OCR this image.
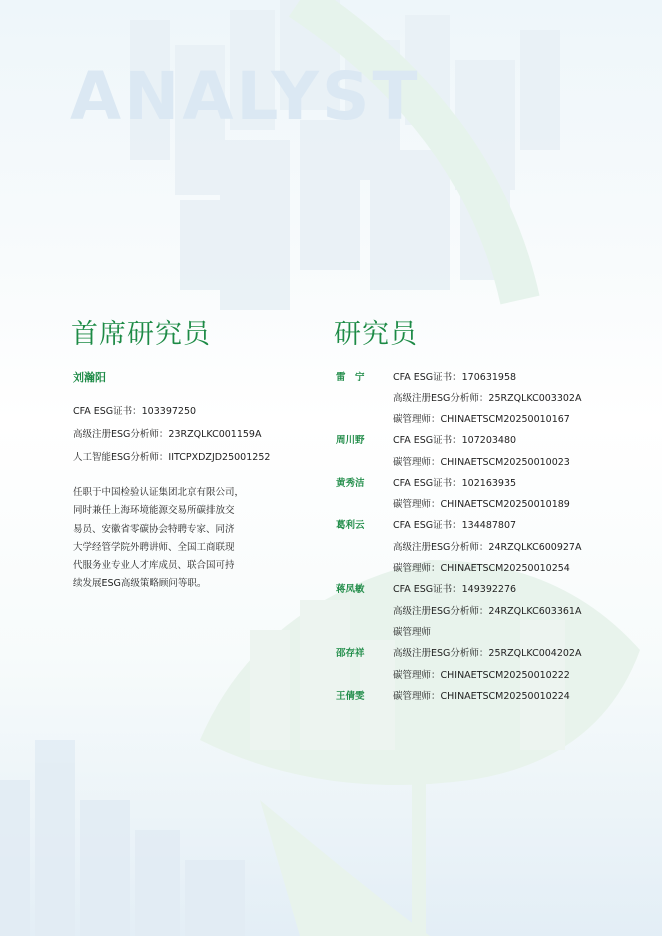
ANALYST
首席研究员
刘瀚阳
CFA ESG证书：103397250
高级注册ESG分析师：23RZQLKC001159A
人工智能ESG分析师：IITCPXDZJD25001252
任职于中国检验认证集团北京有限公司，
同时兼任上海环境能源交易所碳排放交
易员、安徽省零碳协会特聘专家、同济
大学经管学院外聘讲师、全国工商联现
代服务业专业人才库成员、联合国可持
续发展ESG高级策略顾问等职。
研究员
雷　宁	CFA ESG证书：170631958
高级注册ESG分析师：25RZQLKC003302A
碳管理师：CHINAETSCM20250010167
周川野	CFA ESG证书：107203480
碳管理师：CHINAETSCM20250010023
黄秀洁	CFA ESG证书：102163935
碳管理师：CHINAETSCM20250010189
葛利云	CFA ESG证书：134487807
高级注册ESG分析师：24RZQLKC600927A
碳管理师：CHINAETSCM20250010254
蒋凤敏	CFA ESG证书：149392276
高级注册ESG分析师：24RZQLKC603361A
碳管理师
邵存祥	高级注册ESG分析师：25RZQLKC004202A
碳管理师：CHINAETSCM20250010222
王倩雯	碳管理师：CHINAETSCM20250010224
